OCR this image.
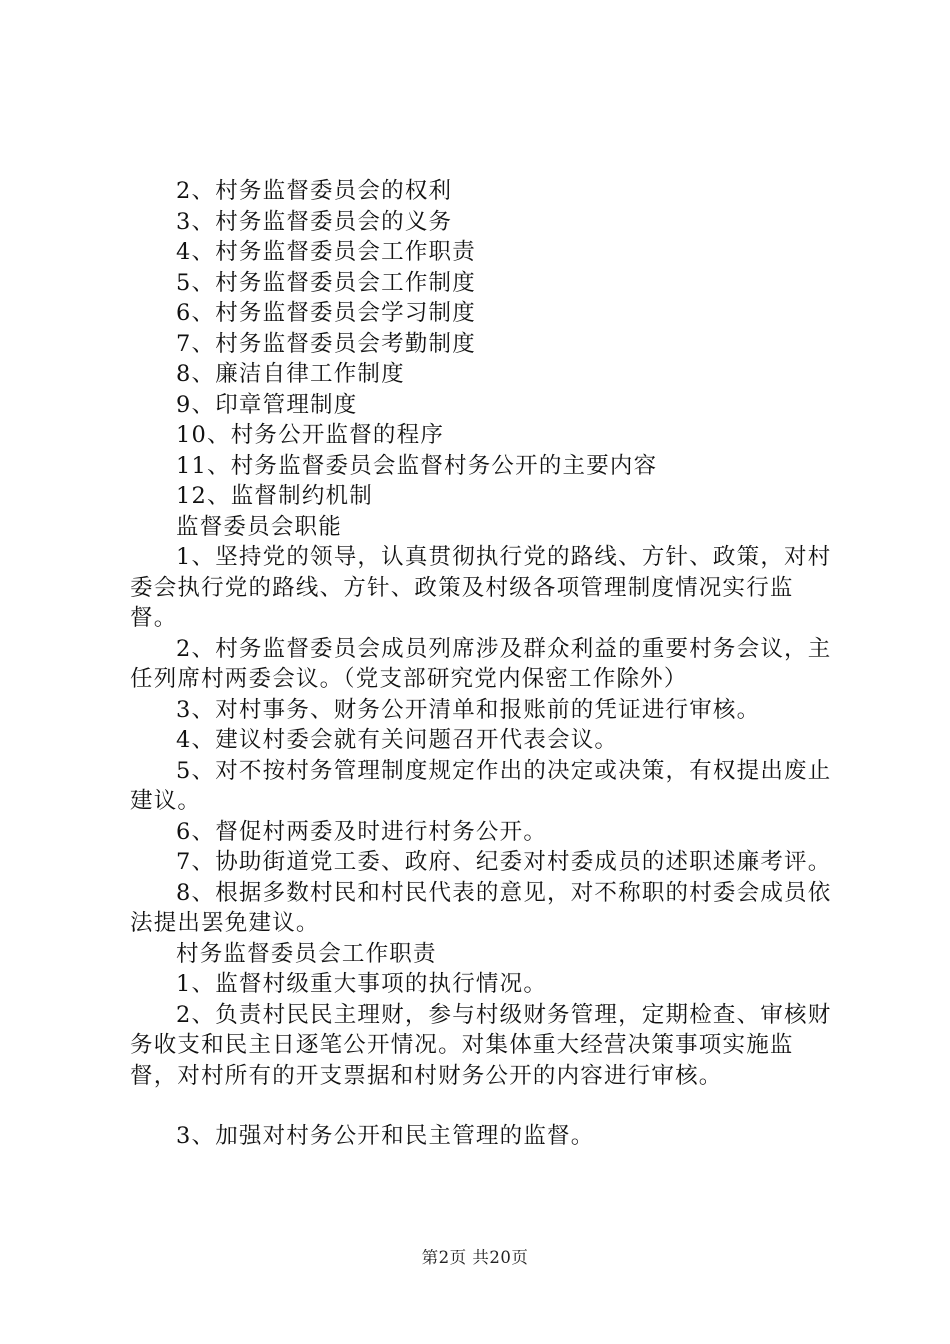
2、村务监督委员会的权利

3、村务监督委员会的义务

4、村务监督委员会工作职责

5、村务监督委员会工作制度

6、村务监督委员会学习制度

7、村务监督委员会考勤制度

8、廉洁自律工作制度

9、印章管理制度

10、村务公开监督的程序

11、村务监督委员会监督村务公开的主要内容

12、监督制约机制

监督委员会职能

1、坚持党的领导，认真贯彻执行党的路线、方针、政策，对村委会执行党的路线、方针、政策及村级各项管理制度情况实行监督。

2、村务监督委员会成员列席涉及群众利益的重要村务会议，主任列席村两委会议。（党支部研究党内保密工作除外）

3、对村事务、财务公开清单和报账前的凭证进行审核。

4、建议村委会就有关问题召开代表会议。

5、对不按村务管理制度规定作出的决定或决策，有权提出废止建议。

6、督促村两委及时进行村务公开。

7、协助街道党工委、政府、纪委对村委成员的述职述廉考评。

8、根据多数村民和村民代表的意见，对不称职的村委会成员依法提出罢免建议。

村务监督委员会工作职责

1、监督村级重大事项的执行情况。

2、负责村民民主理财，参与村级财务管理，定期检查、审核财务收支和民主日逐笔公开情况。对集体重大经营决策事项实施监督，对村所有的开支票据和村财务公开的内容进行审核。

3、加强对村务公开和民主管理的监督。

第2页 共20页
